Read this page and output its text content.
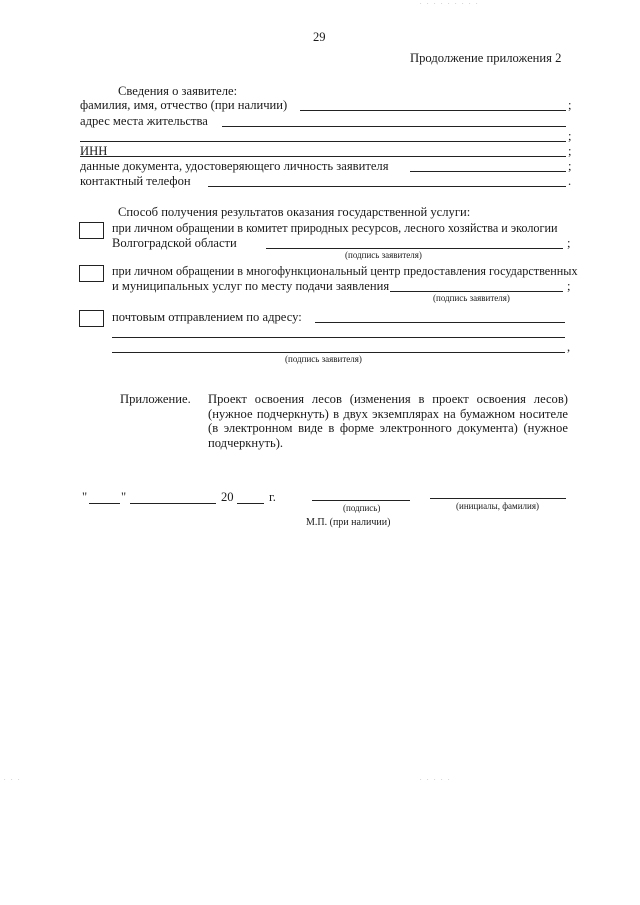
29
Продолжение приложения 2
Сведения о заявителе:
фамилия, имя, отчество (при наличии)	;
адрес места жительства
;
ИНН	;
данные документа, удостоверяющего личность заявителя	;
контактный телефон	.
Способ получения результатов оказания государственной услуги:
при личном обращении в комитет природных ресурсов, лесного хозяйства и экологии
Волгоградской области	;
(подпись заявителя)
при личном обращении в многофункциональный центр предоставления государственных
и муниципальных услуг по месту подачи заявления	;
(подпись заявителя)
почтовым отправлением по адресу:
,
(подпись заявителя)
Приложение. Проект освоения лесов (изменения в проект освоения лесов) (нужное подчеркнуть) в двух экземплярах на бумажном носителе (в электронном виде в форме электронного документа) (нужное подчеркнуть).
"	"	20	г.
(подпись)	(инициалы, фамилия)
М.П. (при наличии)
. . . . . . . . .
. . .	. . . . .
